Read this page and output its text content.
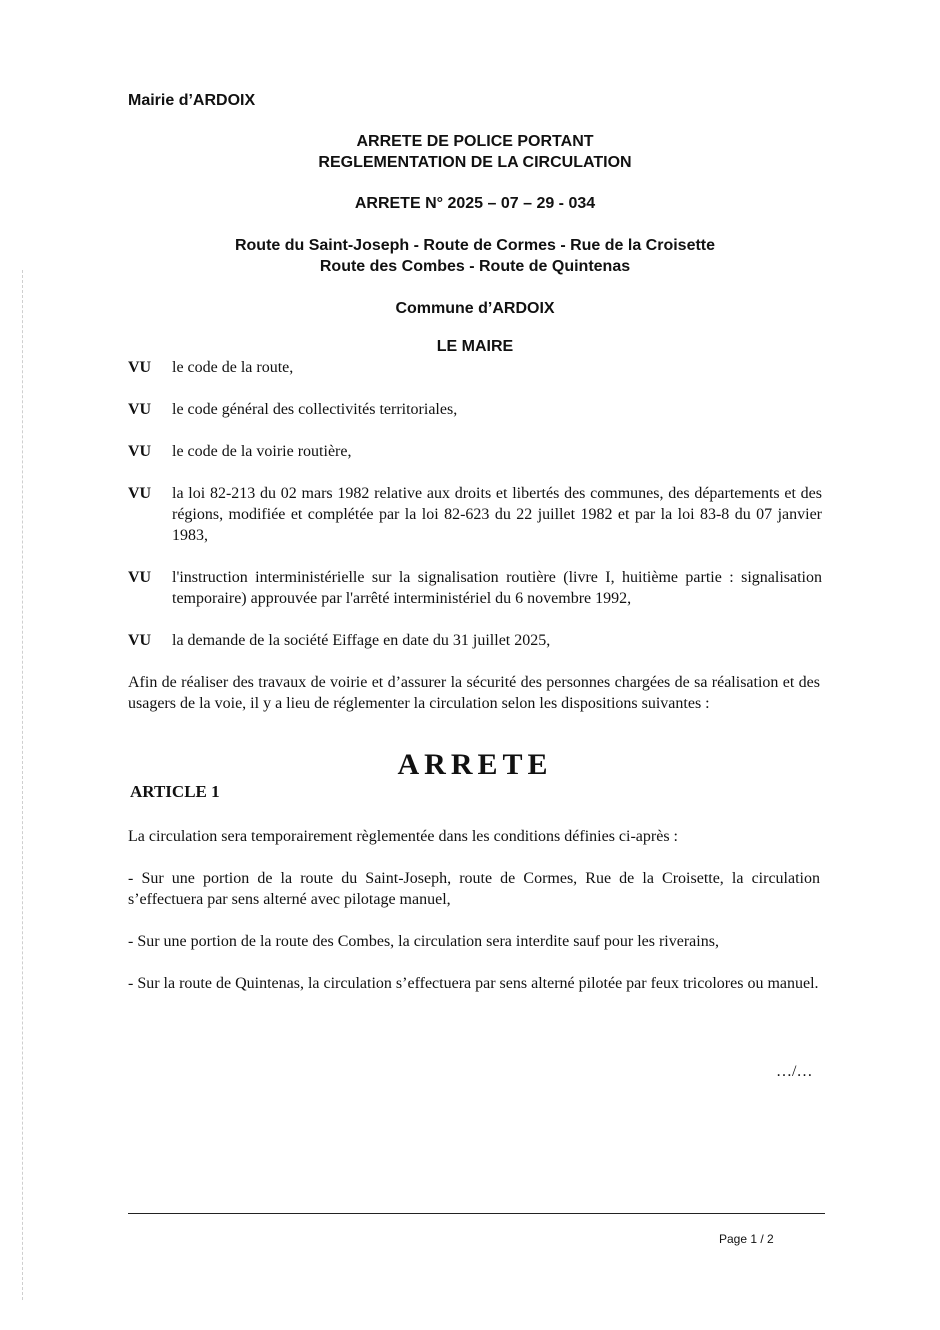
Mairie d’ARDOIX
ARRETE DE POLICE PORTANT
REGLEMENTATION DE LA CIRCULATION
ARRETE N° 2025 – 07 – 29 - 034
Route du Saint-Joseph - Route de Cormes - Rue de la Croisette
Route des Combes - Route de Quintenas
Commune d’ARDOIX
LE MAIRE
VU	le code de la route,
VU	le code général des collectivités territoriales,
VU	le code de la voirie routière,
VU	la loi 82-213 du 02 mars 1982 relative aux droits et libertés des communes, des départements et des régions, modifiée et complétée par la loi 82-623 du 22 juillet 1982 et par la loi 83-8 du 07 janvier 1983,
VU	l'instruction interministérielle sur la signalisation routière (livre I, huitième partie : signalisation temporaire) approuvée par l'arrêté interministériel du 6 novembre 1992,
VU	la demande de la société Eiffage en date du 31 juillet 2025,
Afin de réaliser des travaux de voirie et d’assurer la sécurité des personnes chargées de sa réalisation et des usagers de la voie, il y a lieu de réglementer la circulation selon les dispositions suivantes :
ARRETE
ARTICLE 1
La circulation sera temporairement règlementée dans les conditions définies ci-après :
- Sur une portion de la route du Saint-Joseph, route de Cormes, Rue de la Croisette, la circulation s’effectuera par sens alterné avec pilotage manuel,
- Sur une portion de la route des Combes, la circulation sera interdite sauf pour les riverains,
- Sur la route de Quintenas, la circulation s’effectuera par sens alterné pilotée par feux tricolores ou manuel.
…/…
Page 1 / 2
